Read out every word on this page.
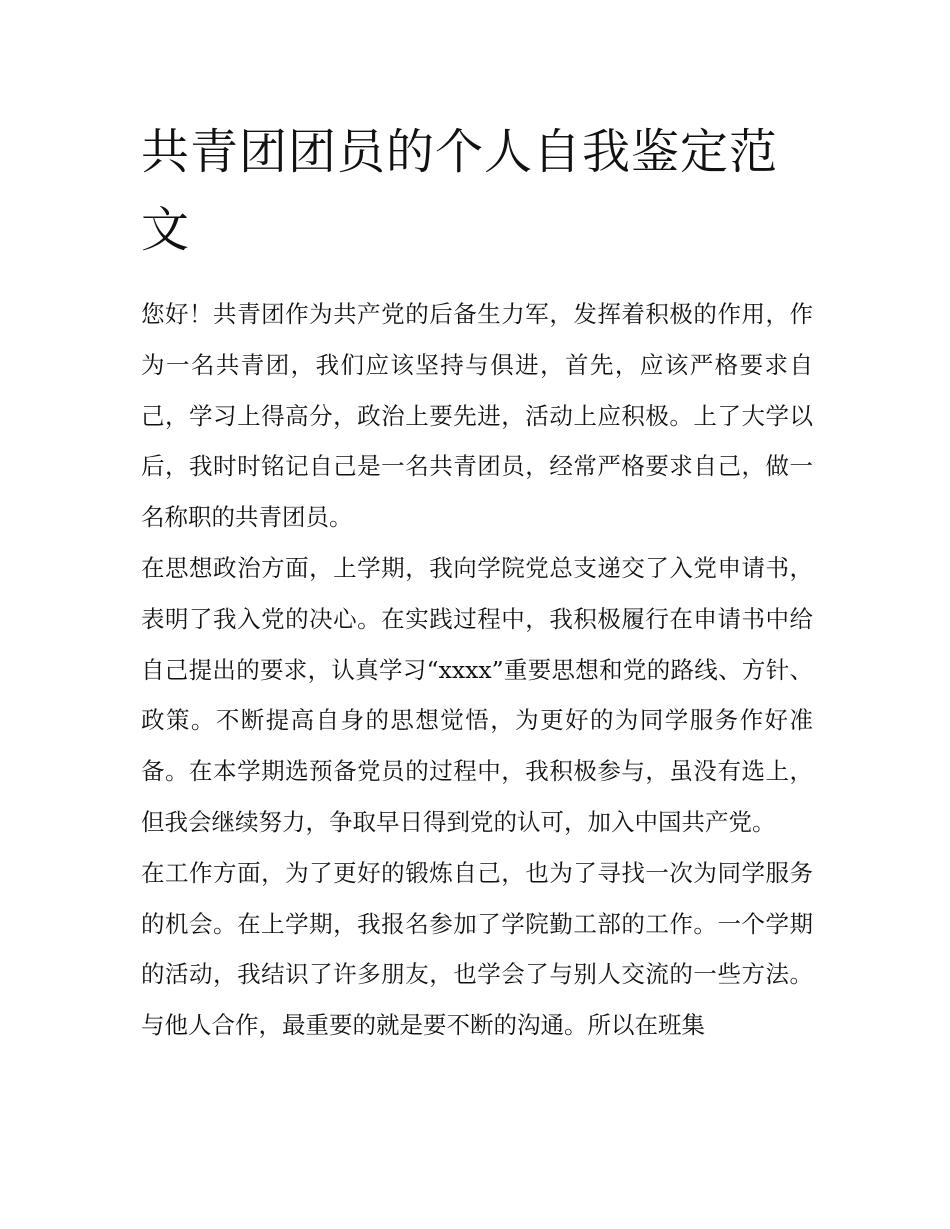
共青团团员的个人自我鉴定范文

您好！共青团作为共产党的后备生力军，发挥着积极的作用，作为一名共青团，我们应该坚持与俱进，首先，应该严格要求自己，学习上得高分，政治上要先进，活动上应积极。上了大学以后，我时时铭记自己是一名共青团员，经常严格要求自己，做一名称职的共青团员。

在思想政治方面，上学期，我向学院党总支递交了入党申请书，表明了我入党的决心。在实践过程中，我积极履行在申请书中给自己提出的要求，认真学习“xxxx”重要思想和党的路线、方针、政策。不断提高自身的思想觉悟，为更好的为同学服务作好准备。在本学期选预备党员的过程中，我积极参与，虽没有选上，但我会继续努力，争取早日得到党的认可，加入中国共产党。

在工作方面，为了更好的锻炼自己，也为了寻找一次为同学服务的机会。在上学期，我报名参加了学院勤工部的工作。一个学期的活动，我结识了许多朋友，也学会了与别人交流的一些方法。与他人合作，最重要的就是要不断的沟通。所以在班集
